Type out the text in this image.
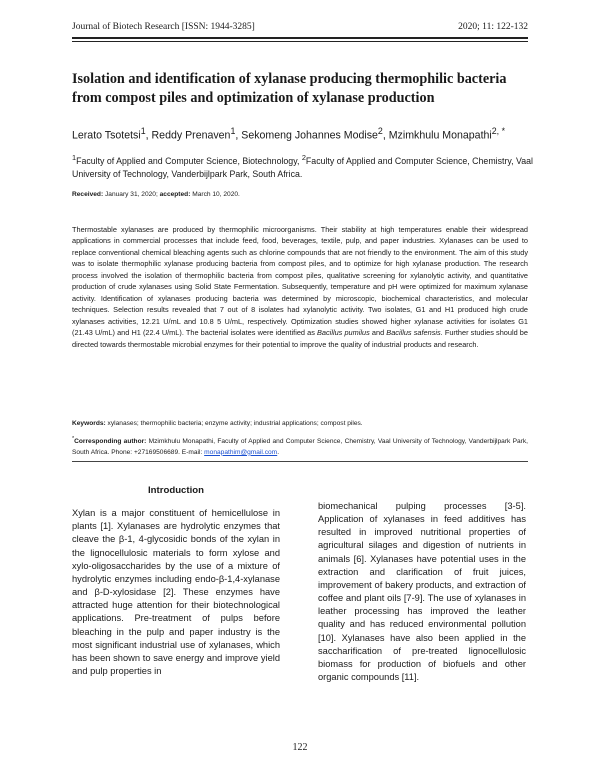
Journal of Biotech Research [ISSN: 1944-3285]	2020; 11: 122-132
Isolation and identification of xylanase producing thermophilic bacteria from compost piles and optimization of xylanase production
Lerato Tsotetsi$^1$, Reddy Prenaven$^1$, Sekomeng Johannes Modise$^2$, Mzimkhulu Monapathi$^{2, *}$
$^1$Faculty of Applied and Computer Science, Biotechnology, $^2$Faculty of Applied and Computer Science, Chemistry, Vaal University of Technology, Vanderbijlpark Park, South Africa.
Received: January 31, 2020; accepted: March 10, 2020.
Thermostable xylanases are produced by thermophilic microorganisms. Their stability at high temperatures enable their widespread applications in commercial processes that include feed, food, beverages, textile, pulp, and paper industries. Xylanases can be used to replace conventional chemical bleaching agents such as chlorine compounds that are not friendly to the environment. The aim of this study was to isolate thermophilic xylanase producing bacteria from compost piles, and to optimize for high xylanase production. The research process involved the isolation of thermophilic bacteria from compost piles, qualitative screening for xylanolytic activity, and quantitative production of crude xylanases using Solid State Fermentation. Subsequently, temperature and pH were optimized for maximum xylanase activity. Identification of xylanases producing bacteria was determined by microscopic, biochemical characteristics, and molecular techniques. Selection results revealed that 7 out of 8 isolates had xylanolytic activity. Two isolates, G1 and H1 produced high crude xylanases activities, 12.21 U/mL and 10.8 5 U/mL, respectively. Optimization studies showed higher xylanase activities for isolates G1 (21.43 U/mL) and H1 (22.4 U/mL). The bacterial isolates were identified as Bacillus pumilus and Bacillus safensis. Further studies should be directed towards thermostable microbial enzymes for their potential to improve the quality of industrial products and research.
Keywords: xylanases; thermophilic bacteria; enzyme activity; industrial applications; compost piles.
*Corresponding author: Mzimkhulu Monapathi, Faculty of Applied and Computer Science, Chemistry, Vaal University of Technology, Vanderbijlpark Park, South Africa. Phone: +27169506689. E-mail: monapathim@gmail.com.
Introduction

Xylan is a major constituent of hemicellulose in plants [1]. Xylanases are hydrolytic enzymes that cleave the β-1, 4-glycosidic bonds of the xylan in the lignocellulosic materials to form xylose and xylo-oligosaccharides by the use of a mixture of hydrolytic enzymes including endo-β-1,4-xylanase and β-D-xylosidase [2]. These enzymes have attracted huge attention for their biotechnological applications. Pre-treatment of pulps before bleaching in the pulp and paper industry is the most significant industrial use of xylanases, which has been shown to save energy and improve yield and pulp properties in

biomechanical pulping processes [3-5]. Application of xylanases in feed additives has resulted in improved nutritional properties of agricultural silages and digestion of nutrients in animals [6]. Xylanases have potential uses in the extraction and clarification of fruit juices, improvement of bakery products, and extraction of coffee and plant oils [7-9]. The use of xylanases in leather processing has improved the leather quality and has reduced environmental pollution [10]. Xylanases have also been applied in the saccharification of pre-treated lignocellulosic biomass for production of biofuels and other organic compounds [11].

122
